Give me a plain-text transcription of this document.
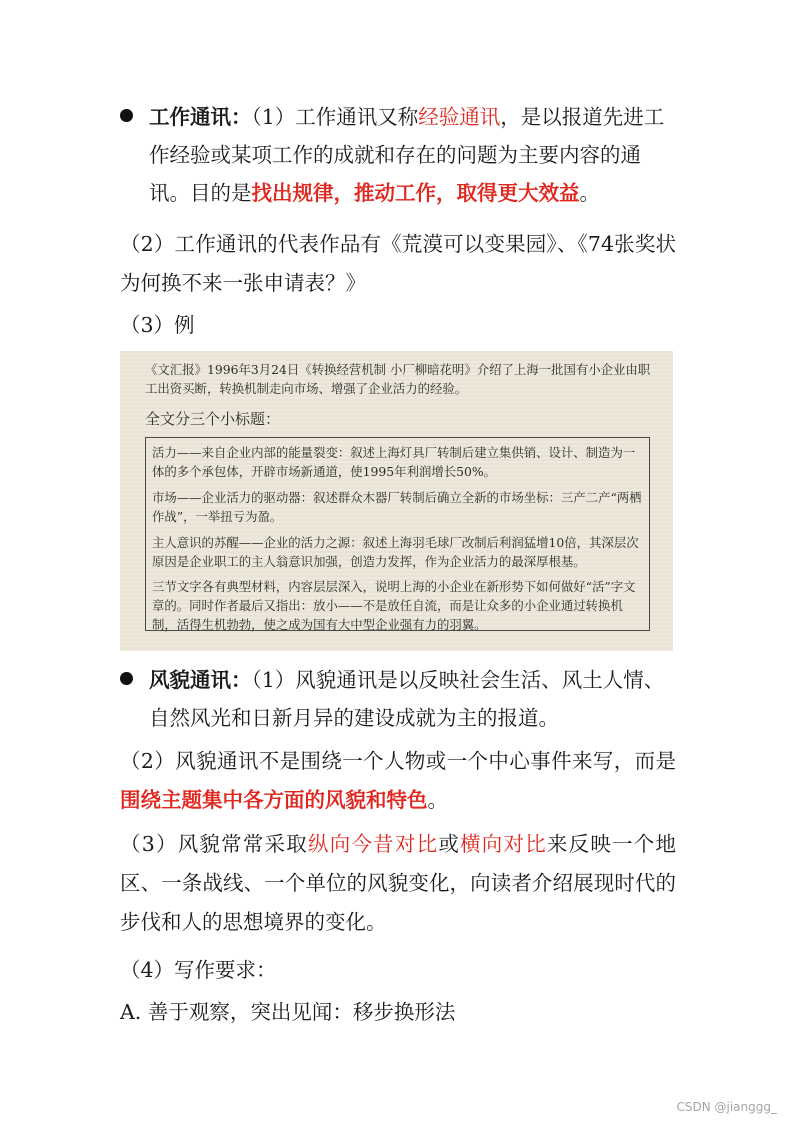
工作通讯：（1）工作通讯又称经验通讯，是以报道先进工作经验或某项工作的成就和存在的问题为主要内容的通讯。目的是找出规律，推动工作，取得更大效益。
（2）工作通讯的代表作品有《荒漠可以变果园》、《74张奖状为何换不来一张申请表？》
（3）例
《文汇报》1996年3月24日《转换经营机制 小厂柳暗花明》介绍了上海一批国有小企业由职工出资买断，转换机制走向市场、增强了企业活力的经验。
全文分三个小标题：
活力——来自企业内部的能量裂变：叙述上海灯具厂转制后建立集供销、设计、制造为一体的多个承包体，开辟市场新通道，使1995年利润增长50%。
市场——企业活力的驱动器：叙述群众木器厂转制后确立全新的市场坐标：三产二产“两栖作战”，一举扭亏为盈。
主人意识的苏醒——企业的活力之源：叙述上海羽毛球厂改制后利润猛增10倍，其深层次原因是企业职工的主人翁意识加强，创造力发挥，作为企业活力的最深厚根基。
三节文字各有典型材料，内容层层深入，说明上海的小企业在新形势下如何做好“活”字文章的。同时作者最后又指出：放小——不是放任自流，而是让众多的小企业通过转换机制，活得生机勃勃，使之成为国有大中型企业强有力的羽翼。
风貌通讯：（1）风貌通讯是以反映社会生活、风土人情、自然风光和日新月异的建设成就为主的报道。
（2）风貌通讯不是围绕一个人物或一个中心事件来写，而是围绕主题集中各方面的风貌和特色。
（3）风貌常常采取纵向今昔对比或横向对比来反映一个地区、一条战线、一个单位的风貌变化，向读者介绍展现时代的步伐和人的思想境界的变化。
（4）写作要求：
A. 善于观察，突出见闻：移步换形法
CSDN @jianggg_
